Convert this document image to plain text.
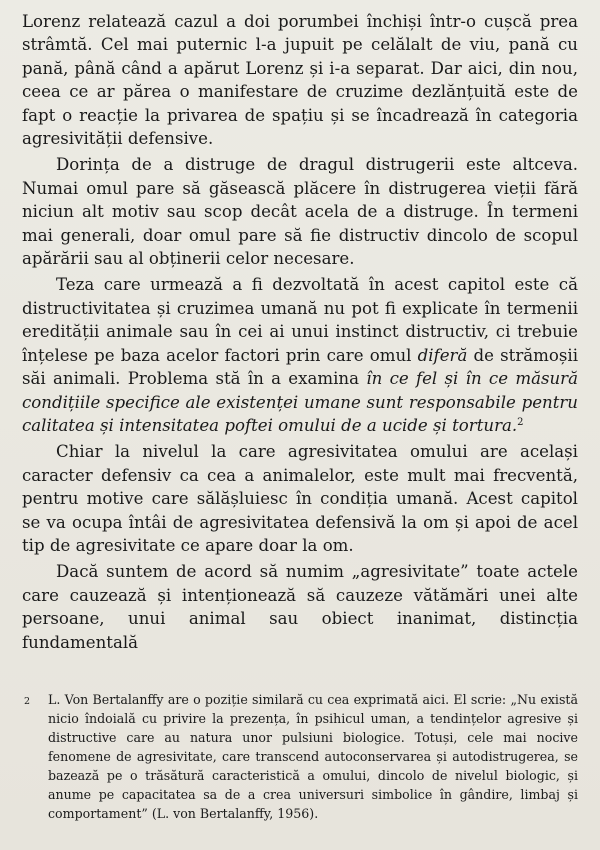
Lorenz relatează cazul a doi porumbei închiși într-o cușcă prea strâmtă. Cel mai puternic l-a jupuit pe celălalt de viu, pană cu pană, până când a apărut Lorenz și i-a separat. Dar aici, din nou, ceea ce ar părea o manifestare de cruzime dezlănțuită este de fapt o reacție la privarea de spațiu și se încadrează în categoria agresivității defensive.

Dorința de a distruge de dragul distrugerii este altceva. Numai omul pare să găsească plăcere în distrugerea vieții fără niciun alt motiv sau scop decât acela de a distruge. În termeni mai generali, doar omul pare să fie distructiv dincolo de scopul apărării sau al obținerii celor necesare.

Teza care urmează a fi dezvoltată în acest capitol este că distructivitatea și cruzimea umană nu pot fi explicate în termenii eredității animale sau în cei ai unui instinct distructiv, ci trebuie înțelese pe baza acelor factori prin care omul diferă de strămoșii săi animali. Problema stă în a examina în ce fel și în ce măsură condițiile specifice ale existenței umane sunt responsabile pentru calitatea și intensitatea poftei omului de a ucide și tortura.$^2$

Chiar la nivelul la care agresivitatea omului are același caracter defensiv ca cea a animalelor, este mult mai frecventă, pentru motive care sălășluiesc în condiția umană. Acest capitol se va ocupa întâi de agresivitatea defensivă la om și apoi de acel tip de agresivitate ce apare doar la om.

Dacă suntem de acord să numim „agresivitate” toate actele care cauzează și intenționează să cauzeze vătămări unei alte persoane, unui animal sau obiect inanimat, distincția fundamentală

2	L. Von Bertalanffy are o poziție similară cu cea exprimată aici. El scrie: „Nu există nicio îndoială cu privire la prezența, în psihicul uman, a tendințelor agresive și distructive care au natura unor pulsiuni biologice. Totuși, cele mai nocive fenomene de agresivitate, care transcend autoconservarea și autodistrugerea, se bazează pe o trăsătură caracteristică a omului, dincolo de nivelul biologic, și anume pe capacitatea sa de a crea universuri simbolice în gândire, limbaj și comportament” (L. von Bertalanffy, 1956).
